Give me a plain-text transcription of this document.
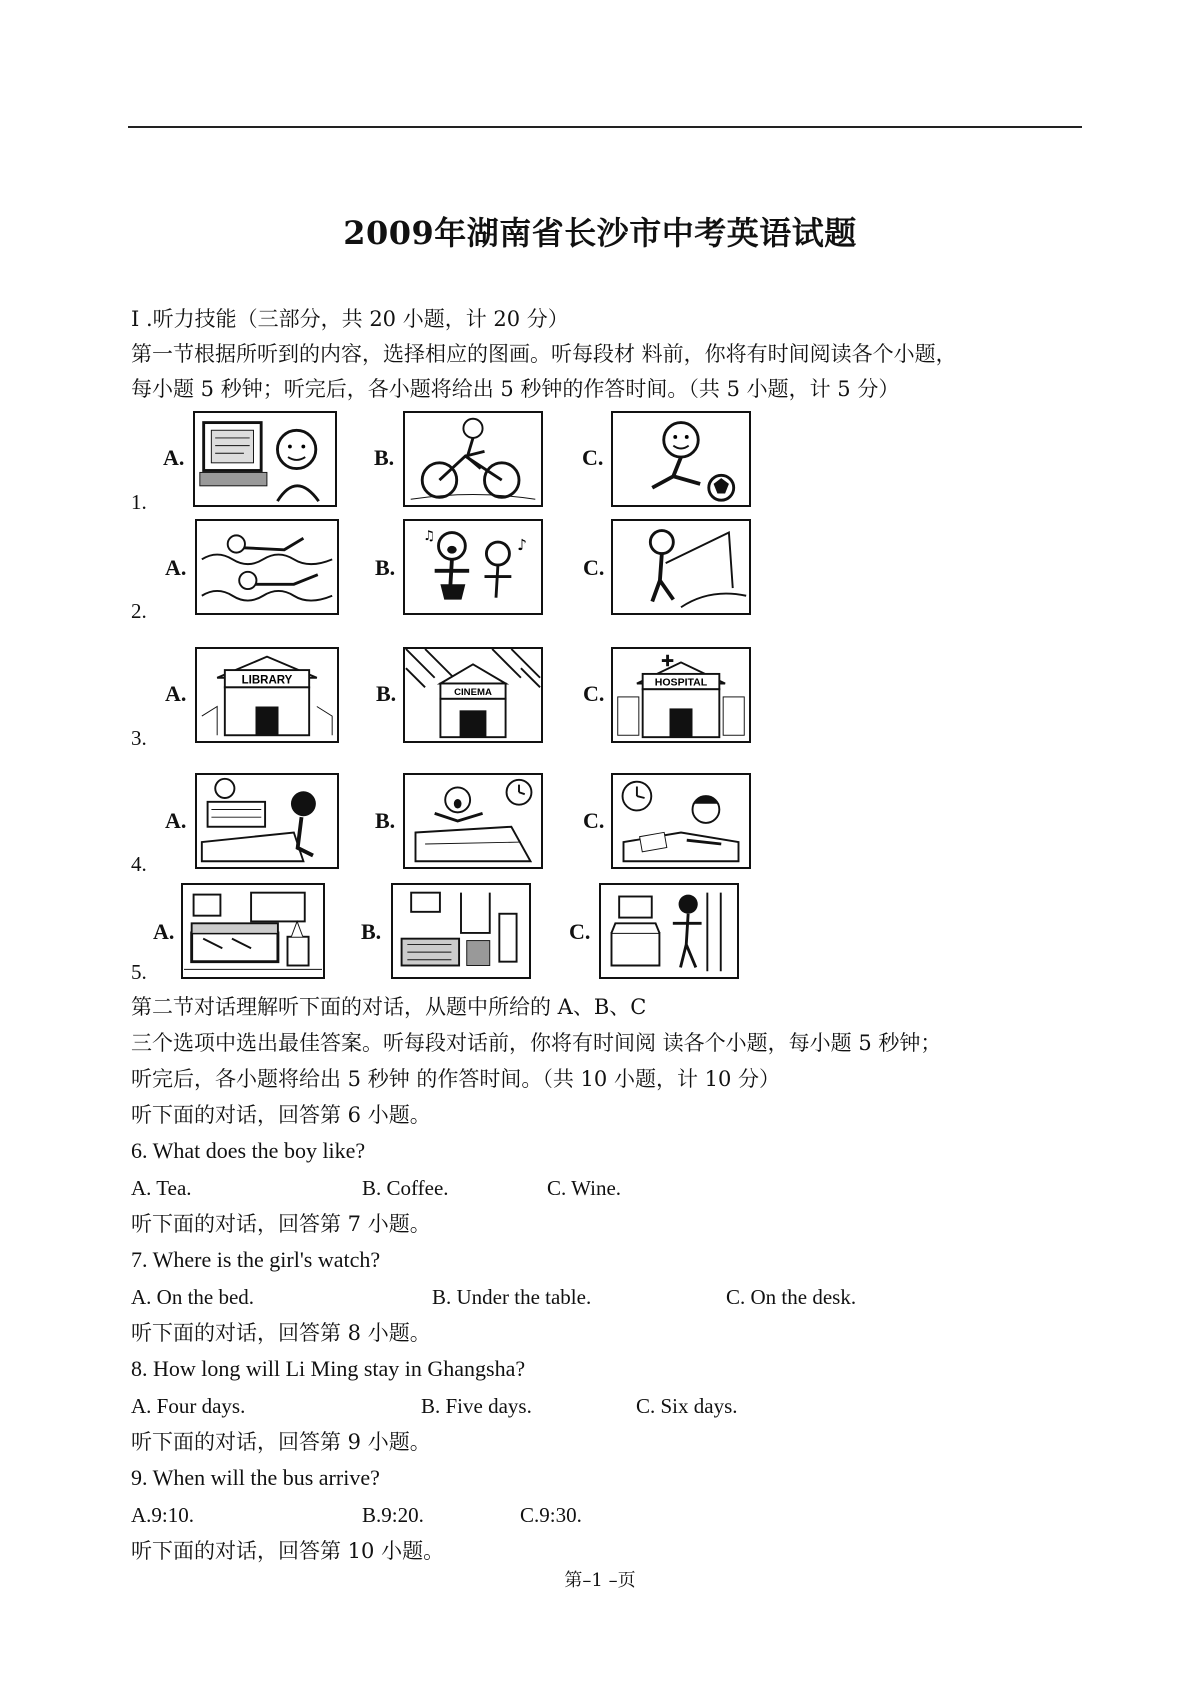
2009年湖南省长沙市中考英语试题
I .听力技能（三部分，共 20 小题，计 20 分）
第一节根据所听到的内容，选择相应的图画。听每段材 料前，你将有时间阅读各个小题，
每小题 5 秒钟；听完后，各小题将给出 5 秒钟的作答时间。（共 5 小题，计 5 分）
1.
A.	B.	C.
2.
A.	B.
♪
♫
C.
3.
A.
LIBRARY
B.	CINEMA	C.	HOSPITAL
4.
A.	B.	C.
5.
A.	B.	C.
第二节对话理解听下面的对话，从题中所给的 A、B、C
三个选项中选出最佳答案。听每段对话前，你将有时间阅 读各个小题，每小题 5 秒钟；
听完后，各小题将给出 5 秒钟 的作答时间。（共 10 小题，计 10 分）
听下面的对话，回答第 6 小题。
6. What does the boy like?
A. Tea.	B. Coffee.	C. Wine.
听下面的对话，回答第 7 小题。
7. Where is the girl's watch?
A. On the bed.	B. Under the table.	C. On the desk.
听下面的对话，回答第 8 小题。
8. How long will Li Ming stay in Ghangsha?
A. Four days.	B. Five days.	C. Six days.
听下面的对话，回答第 9 小题。
9. When will the bus arrive?
A.9:10.	B.9:20.	C.9:30.
听下面的对话，回答第 10 小题。
第–1 –页
